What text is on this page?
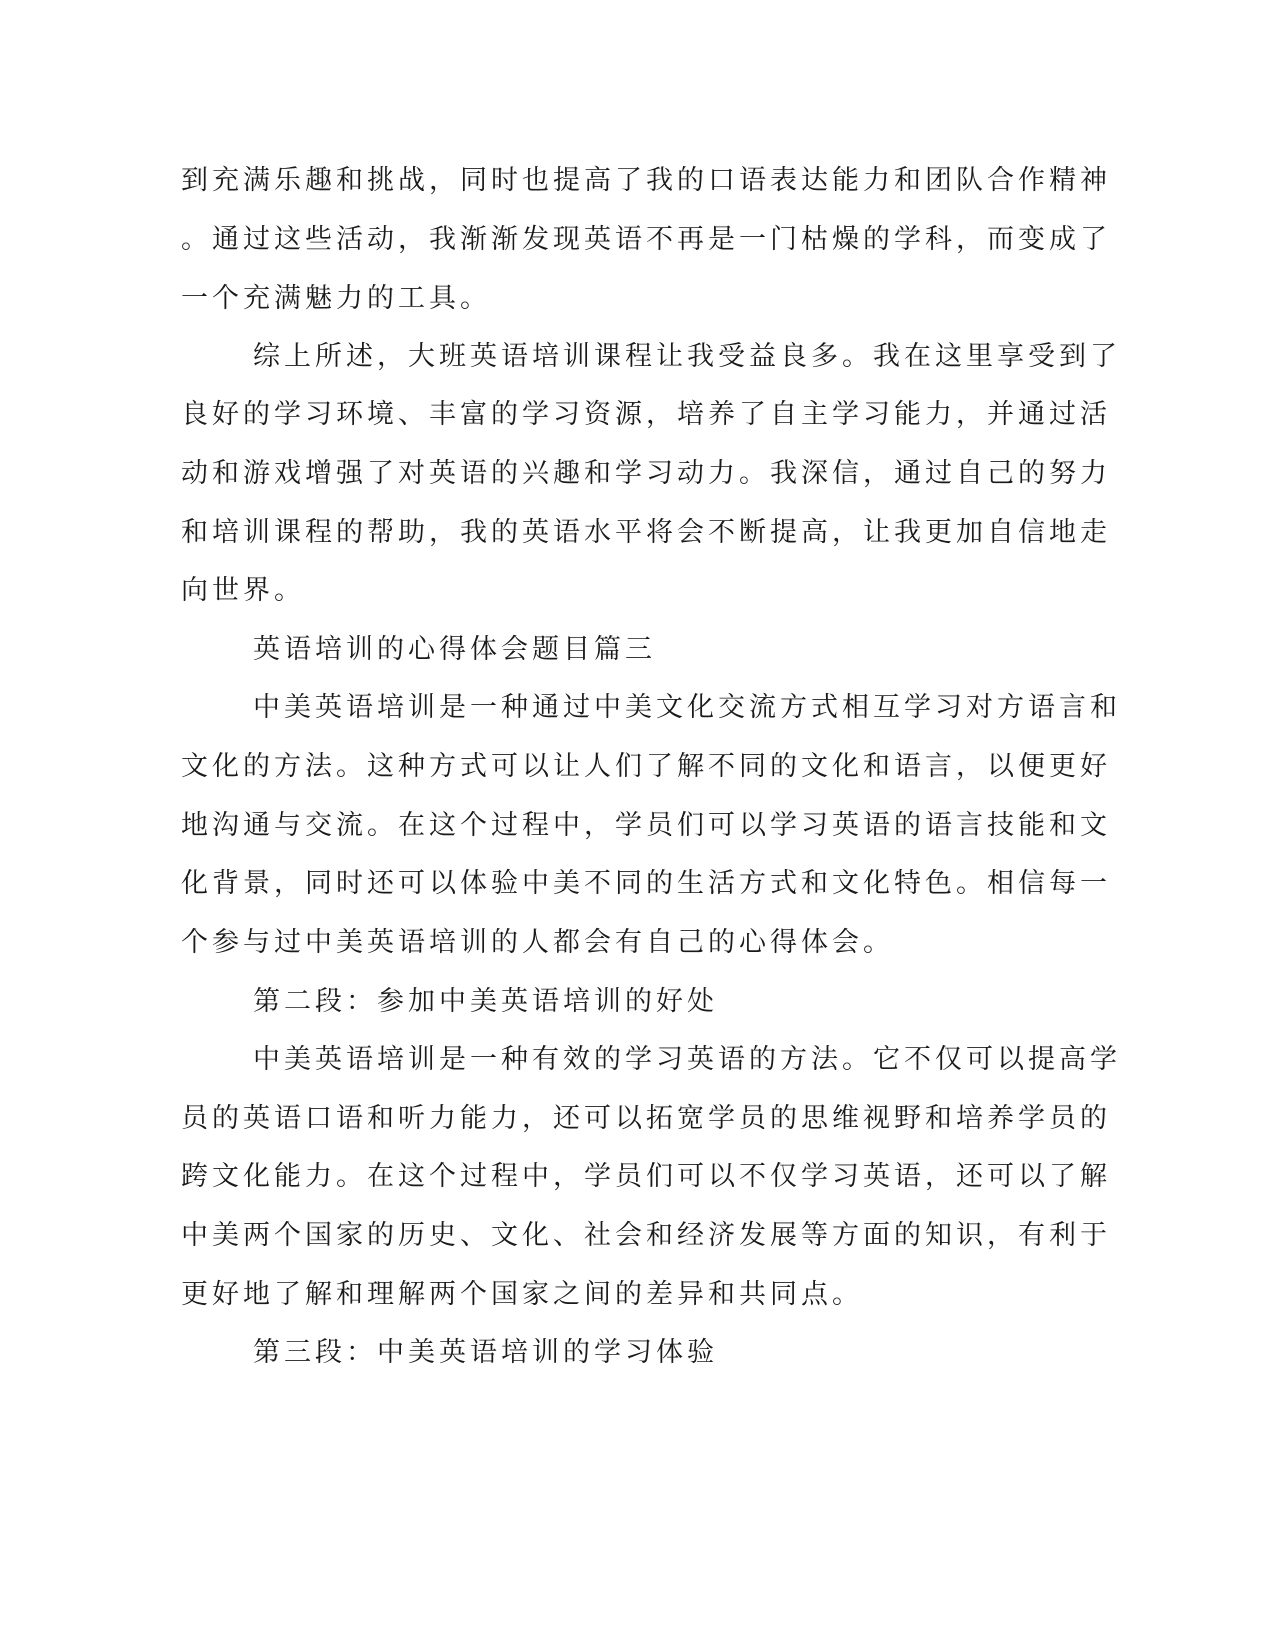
到充满乐趣和挑战，同时也提高了我的口语表达能力和团队合作精神

。通过这些活动，我渐渐发现英语不再是一门枯燥的学科，而变成了

一个充满魅力的工具。

综上所述，大班英语培训课程让我受益良多。我在这里享受到了

良好的学习环境、丰富的学习资源，培养了自主学习能力，并通过活

动和游戏增强了对英语的兴趣和学习动力。我深信，通过自己的努力

和培训课程的帮助，我的英语水平将会不断提高，让我更加自信地走

向世界。

英语培训的心得体会题目篇三

中美英语培训是一种通过中美文化交流方式相互学习对方语言和

文化的方法。这种方式可以让人们了解不同的文化和语言，以便更好

地沟通与交流。在这个过程中，学员们可以学习英语的语言技能和文

化背景，同时还可以体验中美不同的生活方式和文化特色。相信每一

个参与过中美英语培训的人都会有自己的心得体会。

第二段：参加中美英语培训的好处

中美英语培训是一种有效的学习英语的方法。它不仅可以提高学

员的英语口语和听力能力，还可以拓宽学员的思维视野和培养学员的

跨文化能力。在这个过程中，学员们可以不仅学习英语，还可以了解

中美两个国家的历史、文化、社会和经济发展等方面的知识，有利于

更好地了解和理解两个国家之间的差异和共同点。

第三段：中美英语培训的学习体验
